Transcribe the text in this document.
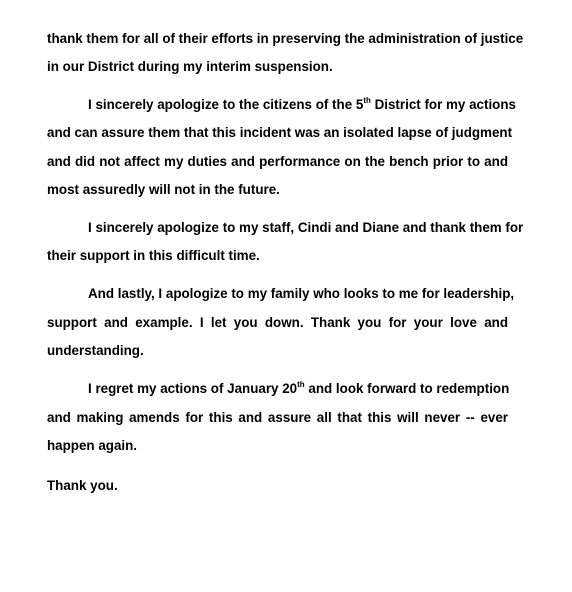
thank them for all of their efforts in preserving the administration of justice
in our District during my interim suspension.
I sincerely apologize to the citizens of the 5th District for my actions
and can assure them that this incident was an isolated lapse of judgment
and did not affect my duties and performance on the bench prior to and
most assuredly will not in the future.
I sincerely apologize to my staff, Cindi and Diane and thank them for
their support in this difficult time.
And lastly, I apologize to my family who looks to me for leadership,
support and example. I let you down. Thank you for your love and
understanding.
I regret my actions of January 20th and look forward to redemption
and making amends for this and assure all that this will never -- ever
happen again.
Thank you.
